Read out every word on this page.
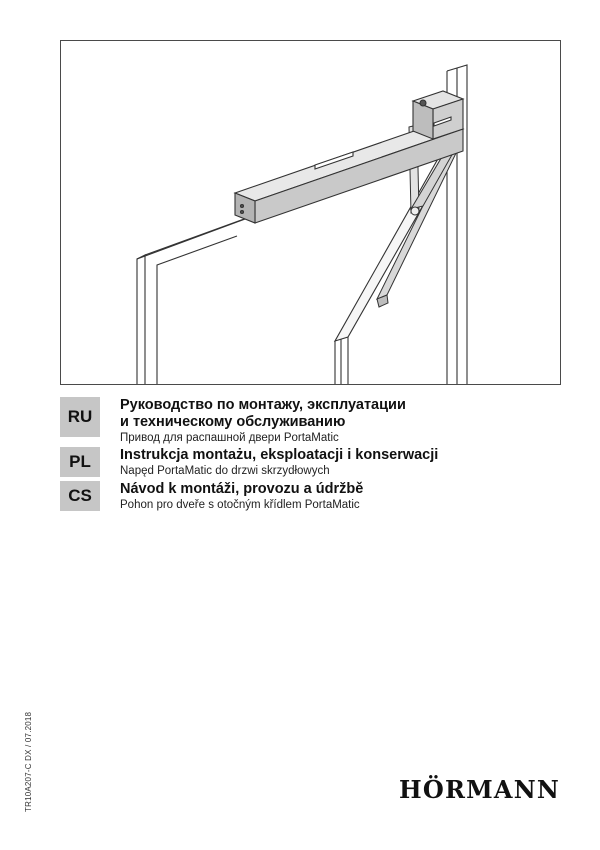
RU
Руководство по монтажу, эксплуатации
и техническому обслуживанию
Привод для распашной двери PortaMatic
PL	Instrukcja montażu, eksploatacji i konserwacji
Napęd PortaMatic do drzwi skrzydłowych
CS	Návod k montáži, provozu a údržbě
Pohon pro dveře s otočným křídlem PortaMatic
TR10A207-C DX / 07.2018	HÖRMANN
